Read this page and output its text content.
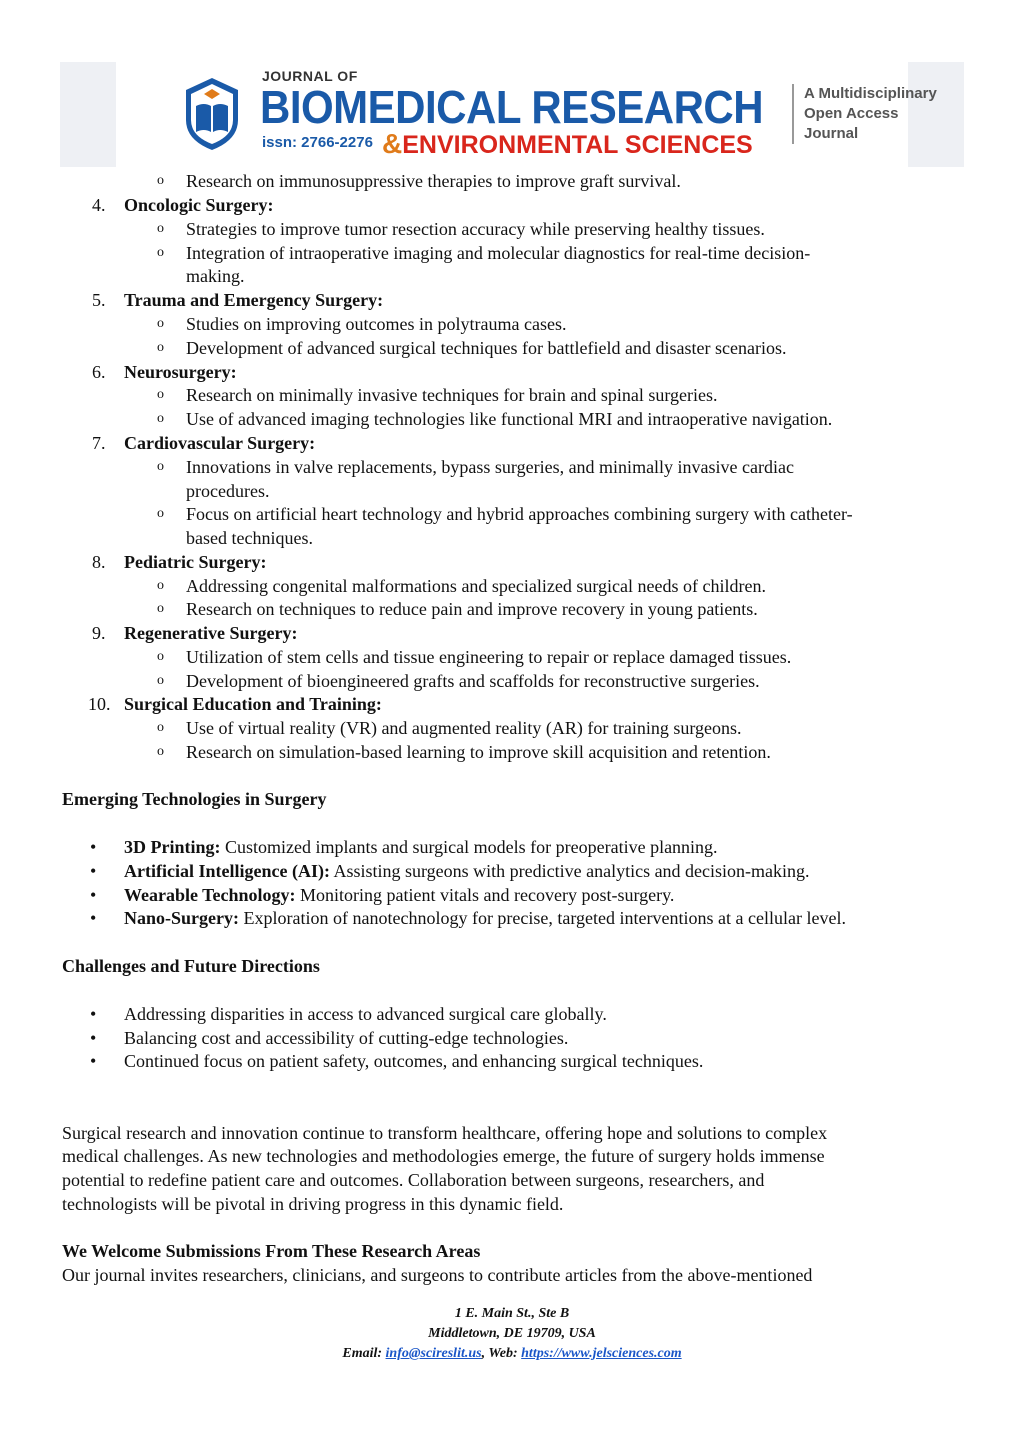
JOURNAL OF
BIOMEDICAL RESEARCH
issn: 2766-2276 &ENVIRONMENTAL SCIENCES
A Multidisciplinary
Open Access
Journal
o Research on immunosuppressive therapies to improve graft survival.
4. Oncologic Surgery:
o Strategies to improve tumor resection accuracy while preserving healthy tissues.
o Integration of intraoperative imaging and molecular diagnostics for real-time decision-
making.
5. Trauma and Emergency Surgery:
o Studies on improving outcomes in polytrauma cases.
o Development of advanced surgical techniques for battlefield and disaster scenarios.
6. Neurosurgery:
o Research on minimally invasive techniques for brain and spinal surgeries.
o Use of advanced imaging technologies like functional MRI and intraoperative navigation.
7. Cardiovascular Surgery:
o Innovations in valve replacements, bypass surgeries, and minimally invasive cardiac
procedures.
o Focus on artificial heart technology and hybrid approaches combining surgery with catheter-
based techniques.
8. Pediatric Surgery:
o Addressing congenital malformations and specialized surgical needs of children.
o Research on techniques to reduce pain and improve recovery in young patients.
9. Regenerative Surgery:
o Utilization of stem cells and tissue engineering to repair or replace damaged tissues.
o Development of bioengineered grafts and scaffolds for reconstructive surgeries.
10. Surgical Education and Training:
o Use of virtual reality (VR) and augmented reality (AR) for training surgeons.
o Research on simulation-based learning to improve skill acquisition and retention.
Emerging Technologies in Surgery
• 3D Printing: Customized implants and surgical models for preoperative planning.
• Artificial Intelligence (AI): Assisting surgeons with predictive analytics and decision-making.
• Wearable Technology: Monitoring patient vitals and recovery post-surgery.
• Nano-Surgery: Exploration of nanotechnology for precise, targeted interventions at a cellular level.
Challenges and Future Directions
• Addressing disparities in access to advanced surgical care globally.
• Balancing cost and accessibility of cutting-edge technologies.
• Continued focus on patient safety, outcomes, and enhancing surgical techniques.
Surgical research and innovation continue to transform healthcare, offering hope and solutions to complex
medical challenges. As new technologies and methodologies emerge, the future of surgery holds immense
potential to redefine patient care and outcomes. Collaboration between surgeons, researchers, and
technologists will be pivotal in driving progress in this dynamic field.
We Welcome Submissions From These Research Areas
Our journal invites researchers, clinicians, and surgeons to contribute articles from the above-mentioned
1 E. Main St., Ste B
Middletown, DE 19709, USA
Email: info@scireslit.us, Web: https://www.jelsciences.com
